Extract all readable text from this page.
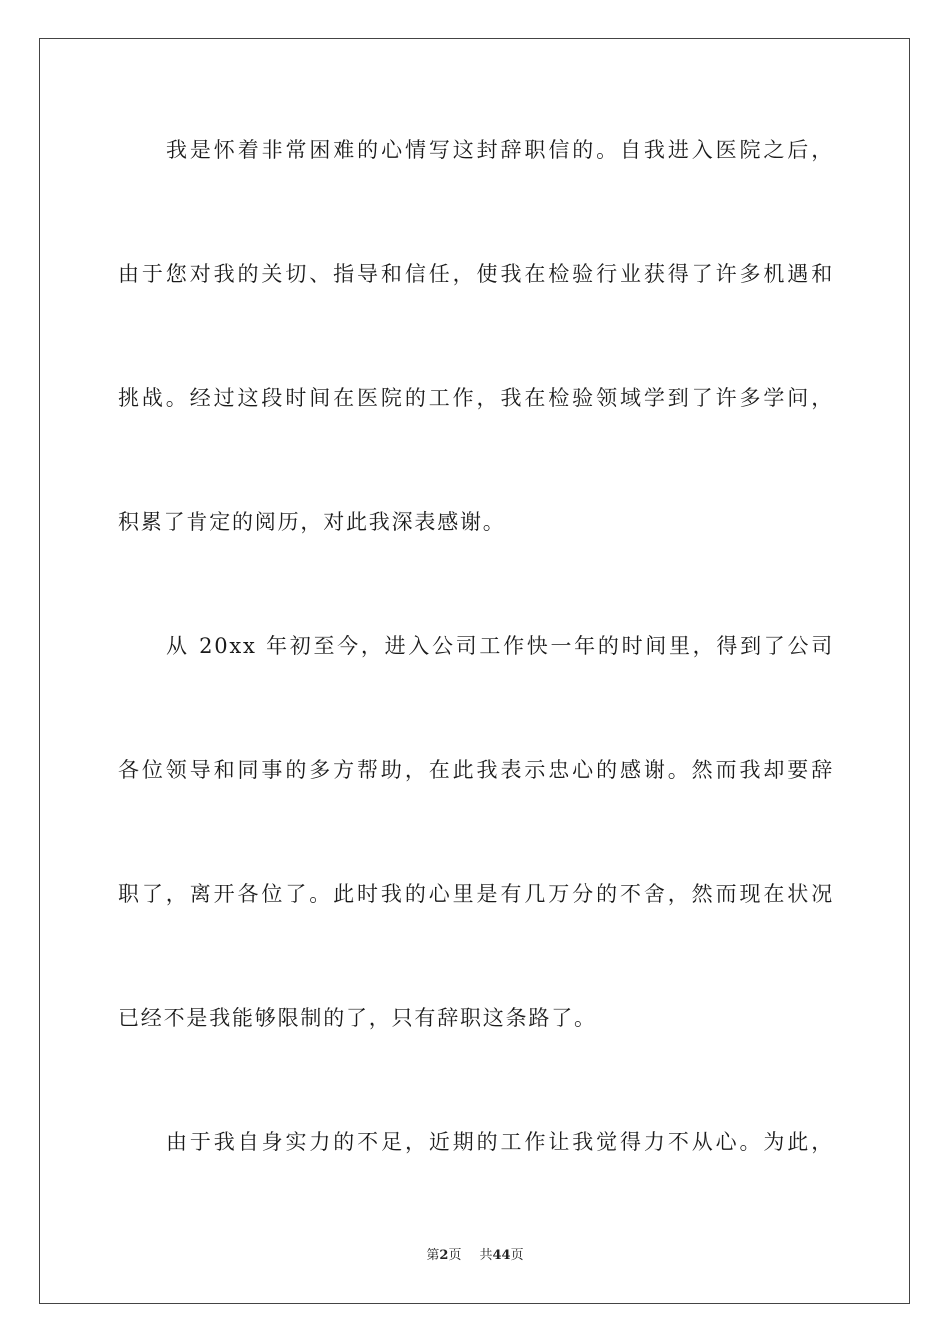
我是怀着非常困难的心情写这封辞职信的。自我进入医院之后，
由于您对我的关切、指导和信任，使我在检验行业获得了许多机遇和
挑战。经过这段时间在医院的工作，我在检验领域学到了许多学问，
积累了肯定的阅历，对此我深表感谢。
从 20xx 年初至今，进入公司工作快一年的时间里，得到了公司
各位领导和同事的多方帮助，在此我表示忠心的感谢。然而我却要辞
职了，离开各位了。此时我的心里是有几万分的不舍，然而现在状况
已经不是我能够限制的了，只有辞职这条路了。
由于我自身实力的不足，近期的工作让我觉得力不从心。为此，
第2页 共44页
